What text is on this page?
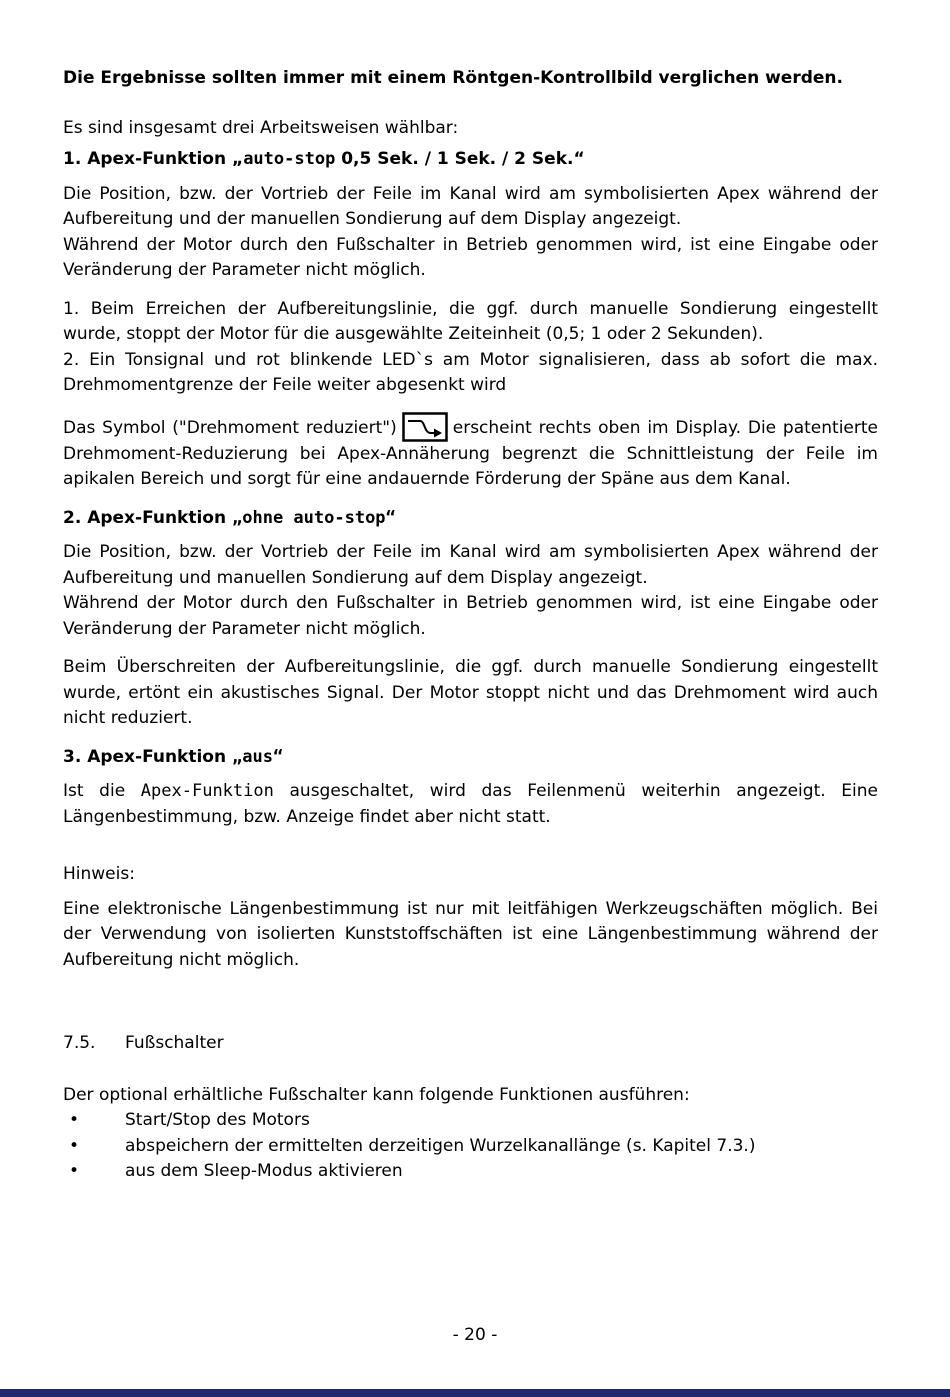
Die Ergebnisse sollten immer mit einem Röntgen-Kontrollbild verglichen werden.

Es sind insgesamt drei Arbeitsweisen wählbar:

1. Apex-Funktion „auto-stop 0,5 Sek. / 1 Sek. / 2 Sek.“
Die Position, bzw. der Vortrieb der Feile im Kanal wird am symbolisierten Apex während der Aufbereitung und der manuellen Sondierung auf dem Display angezeigt.
Während der Motor durch den Fußschalter in Betrieb genommen wird, ist eine Eingabe oder Veränderung der Parameter nicht möglich.
1. Beim Erreichen der Aufbereitungslinie, die ggf. durch manuelle Sondierung eingestellt wurde, stoppt der Motor für die ausgewählte Zeiteinheit (0,5; 1 oder 2 Sekunden).
2. Ein Tonsignal und rot blinkende LED`s am Motor signalisieren, dass ab sofort die max. Drehmomentgrenze der Feile weiter abgesenkt wird
Das Symbol ("Drehmoment reduziert")	erscheint rechts oben im Display. Die patentierte Drehmoment-Reduzierung bei Apex-Annäherung begrenzt die Schnittleistung der Feile im apikalen Bereich und sorgt für eine andauernde Förderung der Späne aus dem Kanal.
2. Apex-Funktion „ohne auto-stop“
Die Position, bzw. der Vortrieb der Feile im Kanal wird am symbolisierten Apex während der Aufbereitung und manuellen Sondierung auf dem Display angezeigt.
Während der Motor durch den Fußschalter in Betrieb genommen wird, ist eine Eingabe oder Veränderung der Parameter nicht möglich.
Beim Überschreiten der Aufbereitungslinie, die ggf. durch manuelle Sondierung eingestellt wurde, ertönt ein akustisches Signal. Der Motor stoppt nicht und das Drehmoment wird auch nicht reduziert.
3. Apex-Funktion „aus“
Ist die Apex-Funktion ausgeschaltet, wird das Feilenmenü weiterhin angezeigt. Eine Längenbestimmung, bzw. Anzeige findet aber nicht statt.
Hinweis:
Eine elektronische Längenbestimmung ist nur mit leitfähigen Werkzeugschäften möglich. Bei der Verwendung von isolierten Kunststoffschäften ist eine Längenbestimmung während der Aufbereitung nicht möglich.
7.5. Fußschalter
Der optional erhältliche Fußschalter kann folgende Funktionen ausführen:
•	Start/Stop des Motors
•	abspeichern der ermittelten derzeitigen Wurzelkanallänge (s. Kapitel 7.3.)
•	aus dem Sleep-Modus aktivieren
- 20 -
